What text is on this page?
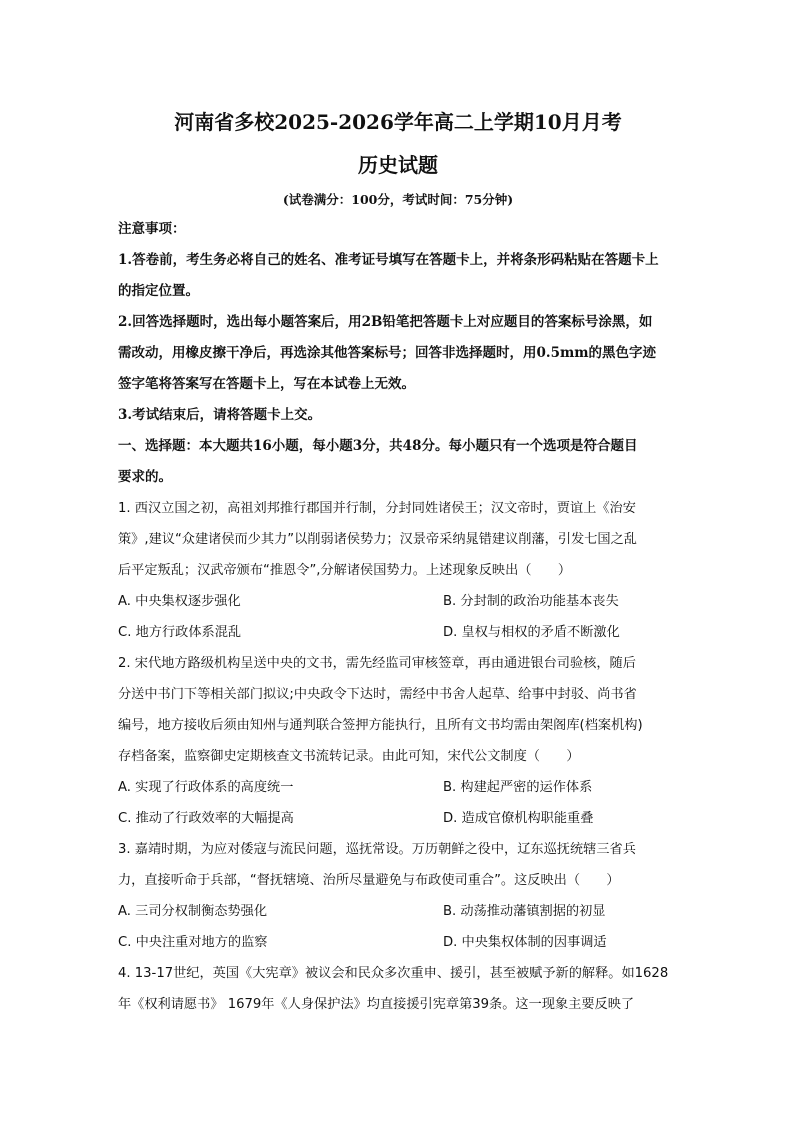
河南省多校2025-2026学年高二上学期10月月考
历史试题
(试卷满分：100分，考试时间：75分钟)
注意事项：
1.答卷前，考生务必将自己的姓名、准考证号填写在答题卡上，并将条形码粘贴在答题卡上
的指定位置。
2.回答选择题时，选出每小题答案后，用2B铅笔把答题卡上对应题目的答案标号涂黑，如
需改动，用橡皮擦干净后，再选涂其他答案标号；回答非选择题时，用0.5mm的黑色字迹
签字笔将答案写在答题卡上，写在本试卷上无效。
3.考试结束后，请将答题卡上交。
一、选择题：本大题共16小题，每小题3分，共48分。每小题只有一个选项是符合题目
要求的。
1. 西汉立国之初，高祖刘邦推行郡国并行制，分封同姓诸侯王；汉文帝时，贾谊上《治安
策》,建议“众建诸侯而少其力”以削弱诸侯势力；汉景帝采纳晁错建议削藩，引发七国之乱
后平定叛乱；汉武帝颁布“推恩令”,分解诸侯国势力。上述现象反映出（　　）
A. 中央集权逐步强化	B. 分封制的政治功能基本丧失
C. 地方行政体系混乱	D. 皇权与相权的矛盾不断激化
2. 宋代地方路级机构呈送中央的文书，需先经监司审核签章，再由通进银台司验核，随后
分送中书门下等相关部门拟议;中央政令下达时，需经中书舍人起草、给事中封驳、尚书省
编号，地方接收后须由知州与通判联合签押方能执行，且所有文书均需由架阁库(档案机构)
存档备案，监察御史定期核查文书流转记录。由此可知，宋代公文制度（　　）
A. 实现了行政体系的高度统一	B. 构建起严密的运作体系
C. 推动了行政效率的大幅提高	D. 造成官僚机构职能重叠
3. 嘉靖时期，为应对倭寇与流民问题，巡抚常设。万历朝鲜之役中，辽东巡抚统辖三省兵
力，直接听命于兵部，“督抚辖境、治所尽量避免与布政使司重合”。这反映出（　　）
A. 三司分权制衡态势强化	B. 动荡推动藩镇割据的初显
C. 中央注重对地方的监察	D. 中央集权体制的因事调适
4. 13-17世纪，英国《大宪章》被议会和民众多次重申、援引，甚至被赋予新的解释。如1628
年《权利请愿书》 1679年《人身保护法》均直接援引宪章第39条。这一现象主要反映了
